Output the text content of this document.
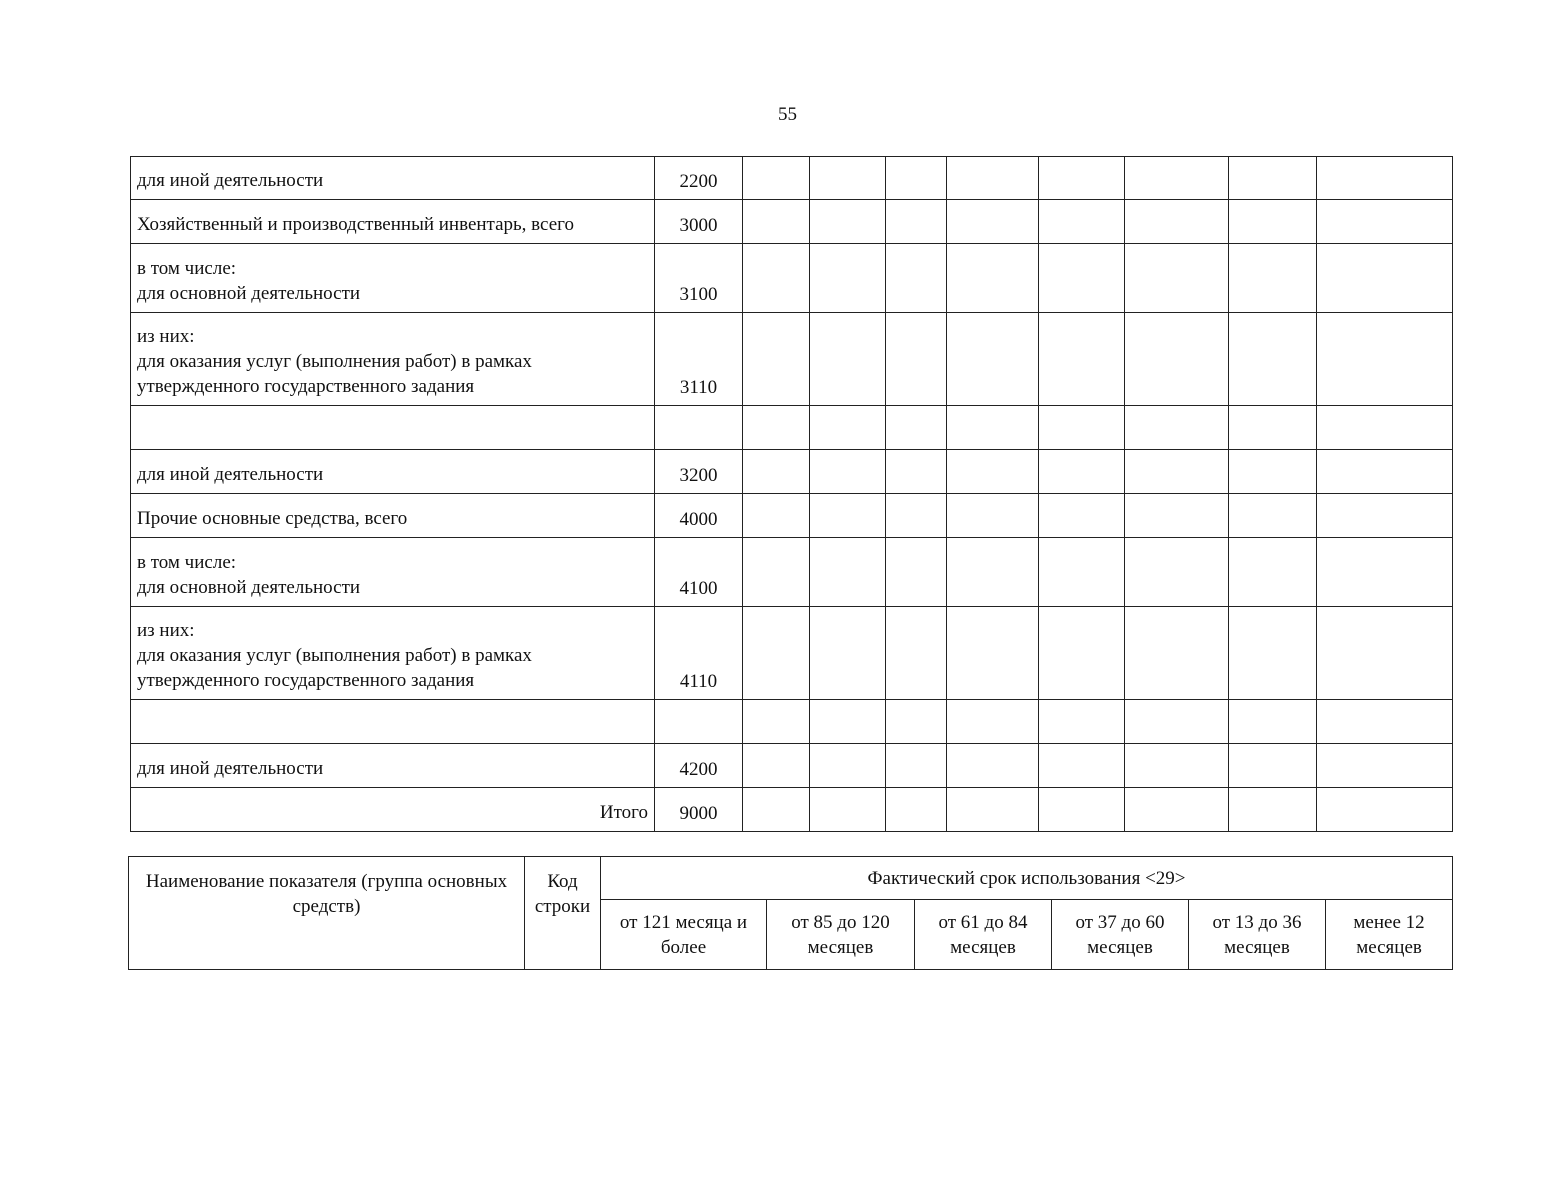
55
для иной деятельности	2200								

Хозяйственный и производственный инвентарь, всего	3000								

в том числе:
для основной деятельности	3100								

из них:
для оказания услуг (выполнения работ) в рамках
утвержденного государственного задания	3110								

для иной деятельности	3200								

Прочие основные средства, всего	4000								

в том числе:
для основной деятельности	4100								

из них:
для оказания услуг (выполнения работ) в рамках
утвержденного государственного задания	4110								

для иной деятельности	4200								

Итого	9000								
Наименование показателя (группа основных средств)	Код строки	Фактический срок использования <29>					
		от 121 месяца и более	от 85 до 120 месяцев	от 61 до 84 месяцев	от 37 до 60 месяцев	от 13 до 36 месяцев	менее 12 месяцев
